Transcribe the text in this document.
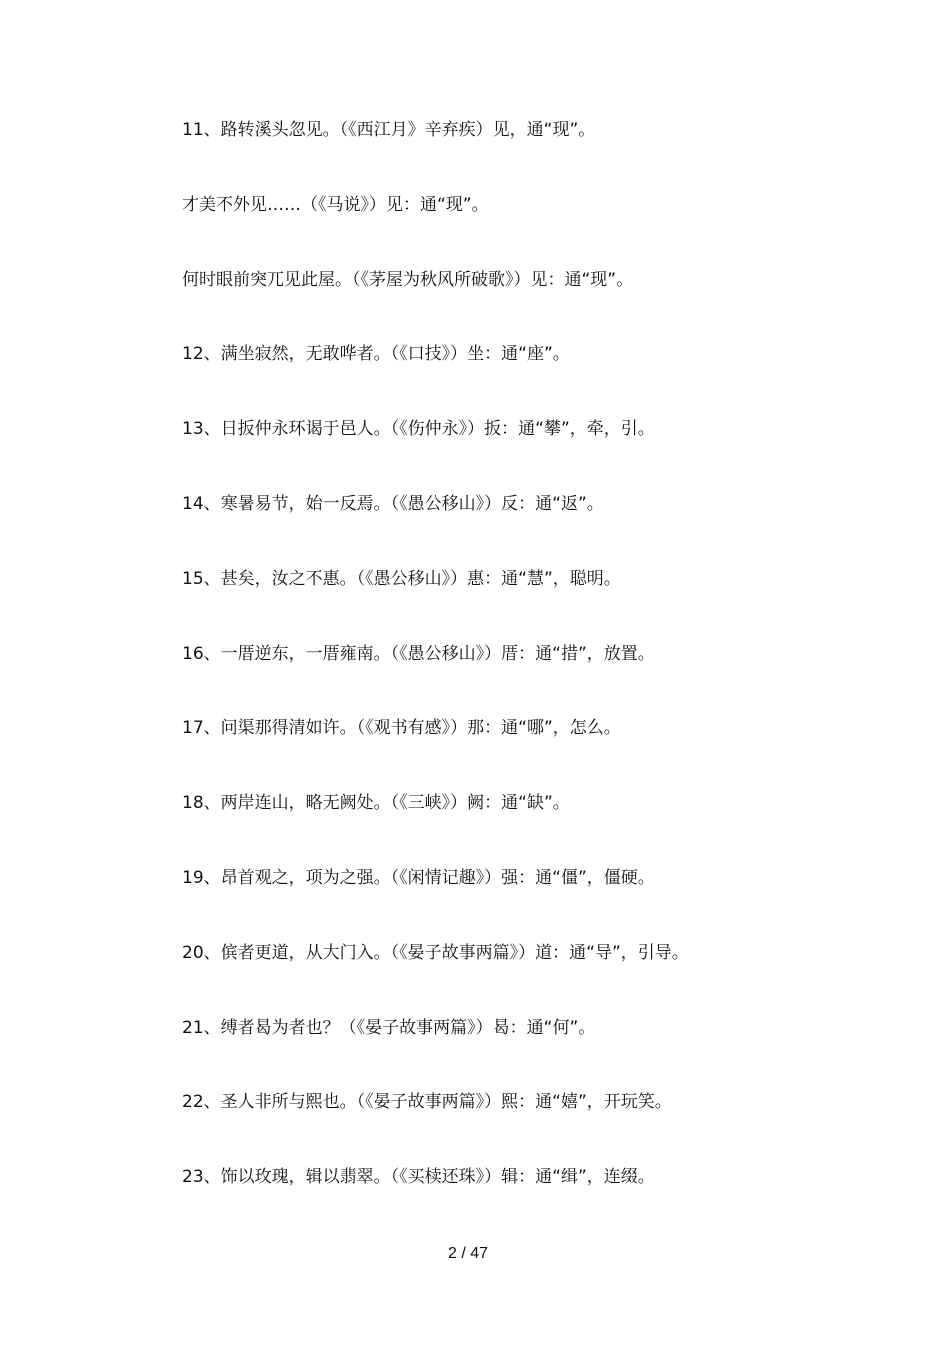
11、路转溪头忽见。（《西江月》辛弃疾）见，通“现”。
才美不外见……（《马说》）见：通“现”。
何时眼前突兀见此屋。（《茅屋为秋风所破歌》）见：通“现”。
12、满坐寂然，无敢哗者。（《口技》）坐：通“座”。
13、日扳仲永环谒于邑人。（《伤仲永》）扳：通“攀”，牵，引。
14、寒暑易节，始一反焉。（《愚公移山》）反：通“返”。
15、甚矣，汝之不惠。（《愚公移山》）惠：通“慧”，聪明。
16、一厝逆东，一厝雍南。（《愚公移山》）厝：通“措”，放置。
17、问渠那得清如许。（《观书有感》）那：通“哪”，怎么。
18、两岸连山，略无阙处。（《三峡》）阙：通“缺”。
19、昂首观之，项为之强。（《闲情记趣》）强：通“僵”，僵硬。
20、傧者更道，从大门入。（《晏子故事两篇》）道：通“导”，引导。
21、缚者曷为者也？（《晏子故事两篇》）曷：通“何”。
22、圣人非所与熙也。（《晏子故事两篇》）熙：通“嬉”，开玩笑。
23、饰以玫瑰，辑以翡翠。（《买椟还珠》）辑：通“缉”，连缀。
2 / 47
